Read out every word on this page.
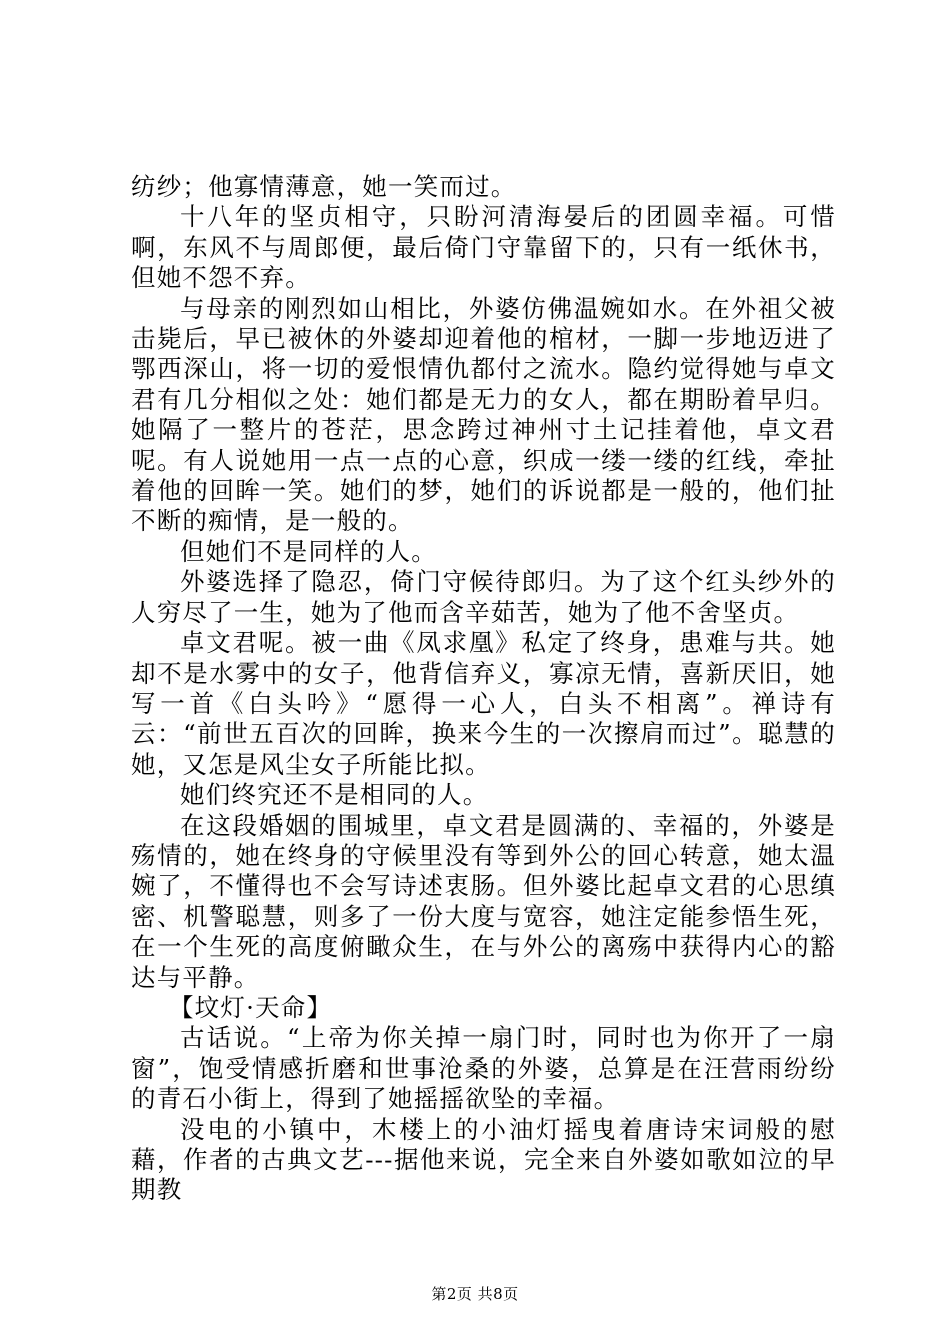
纺纱；他寡情薄意，她一笑而过。

十八年的坚贞相守，只盼河清海晏后的团圆幸福。可惜啊，东风不与周郎便，最后倚门守靠留下的，只有一纸休书，但她不怨不弃。

与母亲的刚烈如山相比，外婆仿佛温婉如水。在外祖父被击毙后，早已被休的外婆却迎着他的棺材，一脚一步地迈进了鄂西深山，将一切的爱恨情仇都付之流水。隐约觉得她与卓文君有几分相似之处：她们都是无力的女人，都在期盼着早归。她隔了一整片的苍茫，思念跨过神州寸土记挂着他，卓文君呢。有人说她用一点一点的心意，织成一缕一缕的红线，牵扯着他的回眸一笑。她们的梦，她们的诉说都是一般的，他们扯不断的痴情，是一般的。

但她们不是同样的人。

外婆选择了隐忍，倚门守候待郎归。为了这个红头纱外的人穷尽了一生，她为了他而含辛茹苦，她为了他不舍坚贞。

卓文君呢。被一曲《凤求凰》私定了终身，患难与共。她却不是水雾中的女子，他背信弃义，寡凉无情，喜新厌旧，她写一首《白头吟》“愿得一心人，白头不相离”。禅诗有云：“前世五百次的回眸，换来今生的一次擦肩而过”。聪慧的她，又怎是风尘女子所能比拟。

她们终究还不是相同的人。

在这段婚姻的围城里，卓文君是圆满的、幸福的，外婆是殇情的，她在终身的守候里没有等到外公的回心转意，她太温婉了，不懂得也不会写诗述衷肠。但外婆比起卓文君的心思缜密、机警聪慧，则多了一份大度与宽容，她注定能参悟生死，在一个生死的高度俯瞰众生，在与外公的离殇中获得内心的豁达与平静。

【坟灯·天命】

古话说。“上帝为你关掉一扇门时，同时也为你开了一扇窗”，饱受情感折磨和世事沧桑的外婆，总算是在汪营雨纷纷的青石小街上，得到了她摇摇欲坠的幸福。

没电的小镇中，木楼上的小油灯摇曳着唐诗宋词般的慰藉，作者的古典文艺---据他来说，完全来自外婆如歌如泣的早期教

第2页 共8页
